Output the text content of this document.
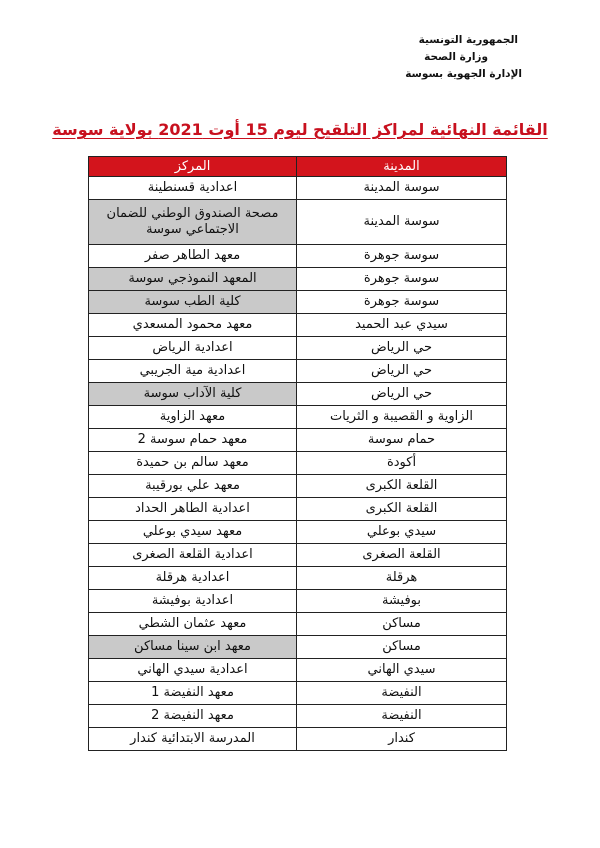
الجمهورية التونسية
وزارة الصحة
الإدارة الجهوية بسوسة
القائمة النهائية لمراكز التلقيح ليوم 15 أوت 2021 بولاية سوسة
المدينة	المركز
سوسة المدينة	اعدادية قسنطينة
سوسة المدينة	مصحة الصندوق الوطني للضمان الاجتماعي سوسة
سوسة جوهرة	معهد الطاهر صفر
سوسة جوهرة	المعهد النموذجي سوسة
سوسة جوهرة	كلية الطب سوسة
سيدي عبد الحميد	معهد محمود المسعدي
حي الرياض	اعدادية الرياض
حي الرياض	اعدادية مية الجريبي
حي الرياض	كلية الآداب سوسة
الزاوية و القصيبة و الثريات	معهد الزاوية
حمام سوسة	معهد حمام سوسة 2
أكودة	معهد سالم بن حميدة
القلعة الكبرى	معهد علي بورقيبة
القلعة الكبرى	اعدادية الطاهر الحداد
سيدي بوعلي	معهد سيدي بوعلي
القلعة الصغرى	اعدادية القلعة الصغرى
هرقلة	اعدادية هرقلة
بوفيشة	اعدادية بوفيشة
مساكن	معهد عثمان الشطي
مساكن	معهد ابن سينا مساكن
سيدي الهاني	اعدادية سيدي الهاني
النفيضة	معهد النفيضة 1
النفيضة	معهد النفيضة 2
كندار	المدرسة الابتدائية كندار
